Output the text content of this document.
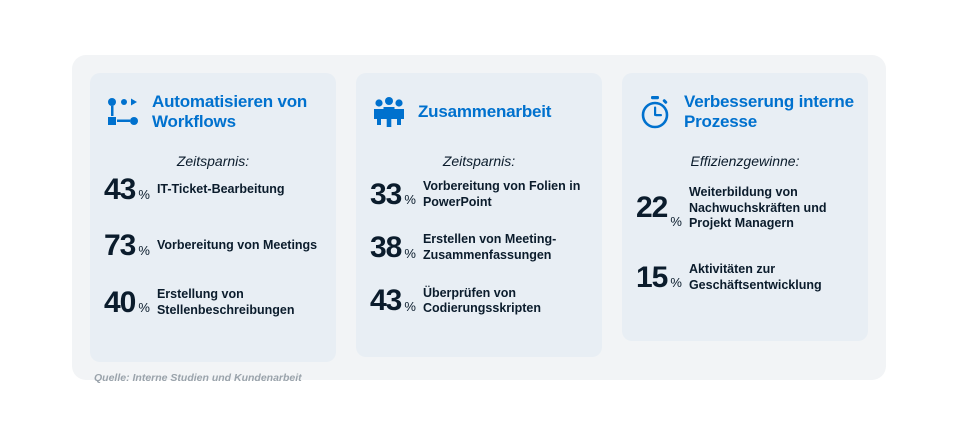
Automatisieren von Workflows
Zeitsparnis:
43 % IT-Ticket-Bearbeitung
73 % Vorbereitung von Meetings
40 %
Erstellung von Stellenbeschreibungen
Zusammenarbeit
Zeitsparnis:
33 %
Vorbereitung von Folien in PowerPoint
38 %
Erstellen von Meeting-Zusammenfassungen
43 %
Überprüfen von Codierungsskripten
Verbesserung interne Prozesse
Effizienzgewinne:
22 %
Weiterbildung von Nachwuchskräften und Projekt Managern
15 %
Aktivitäten zur Geschäftsentwicklung
Quelle: Interne Studien und Kundenarbeit
